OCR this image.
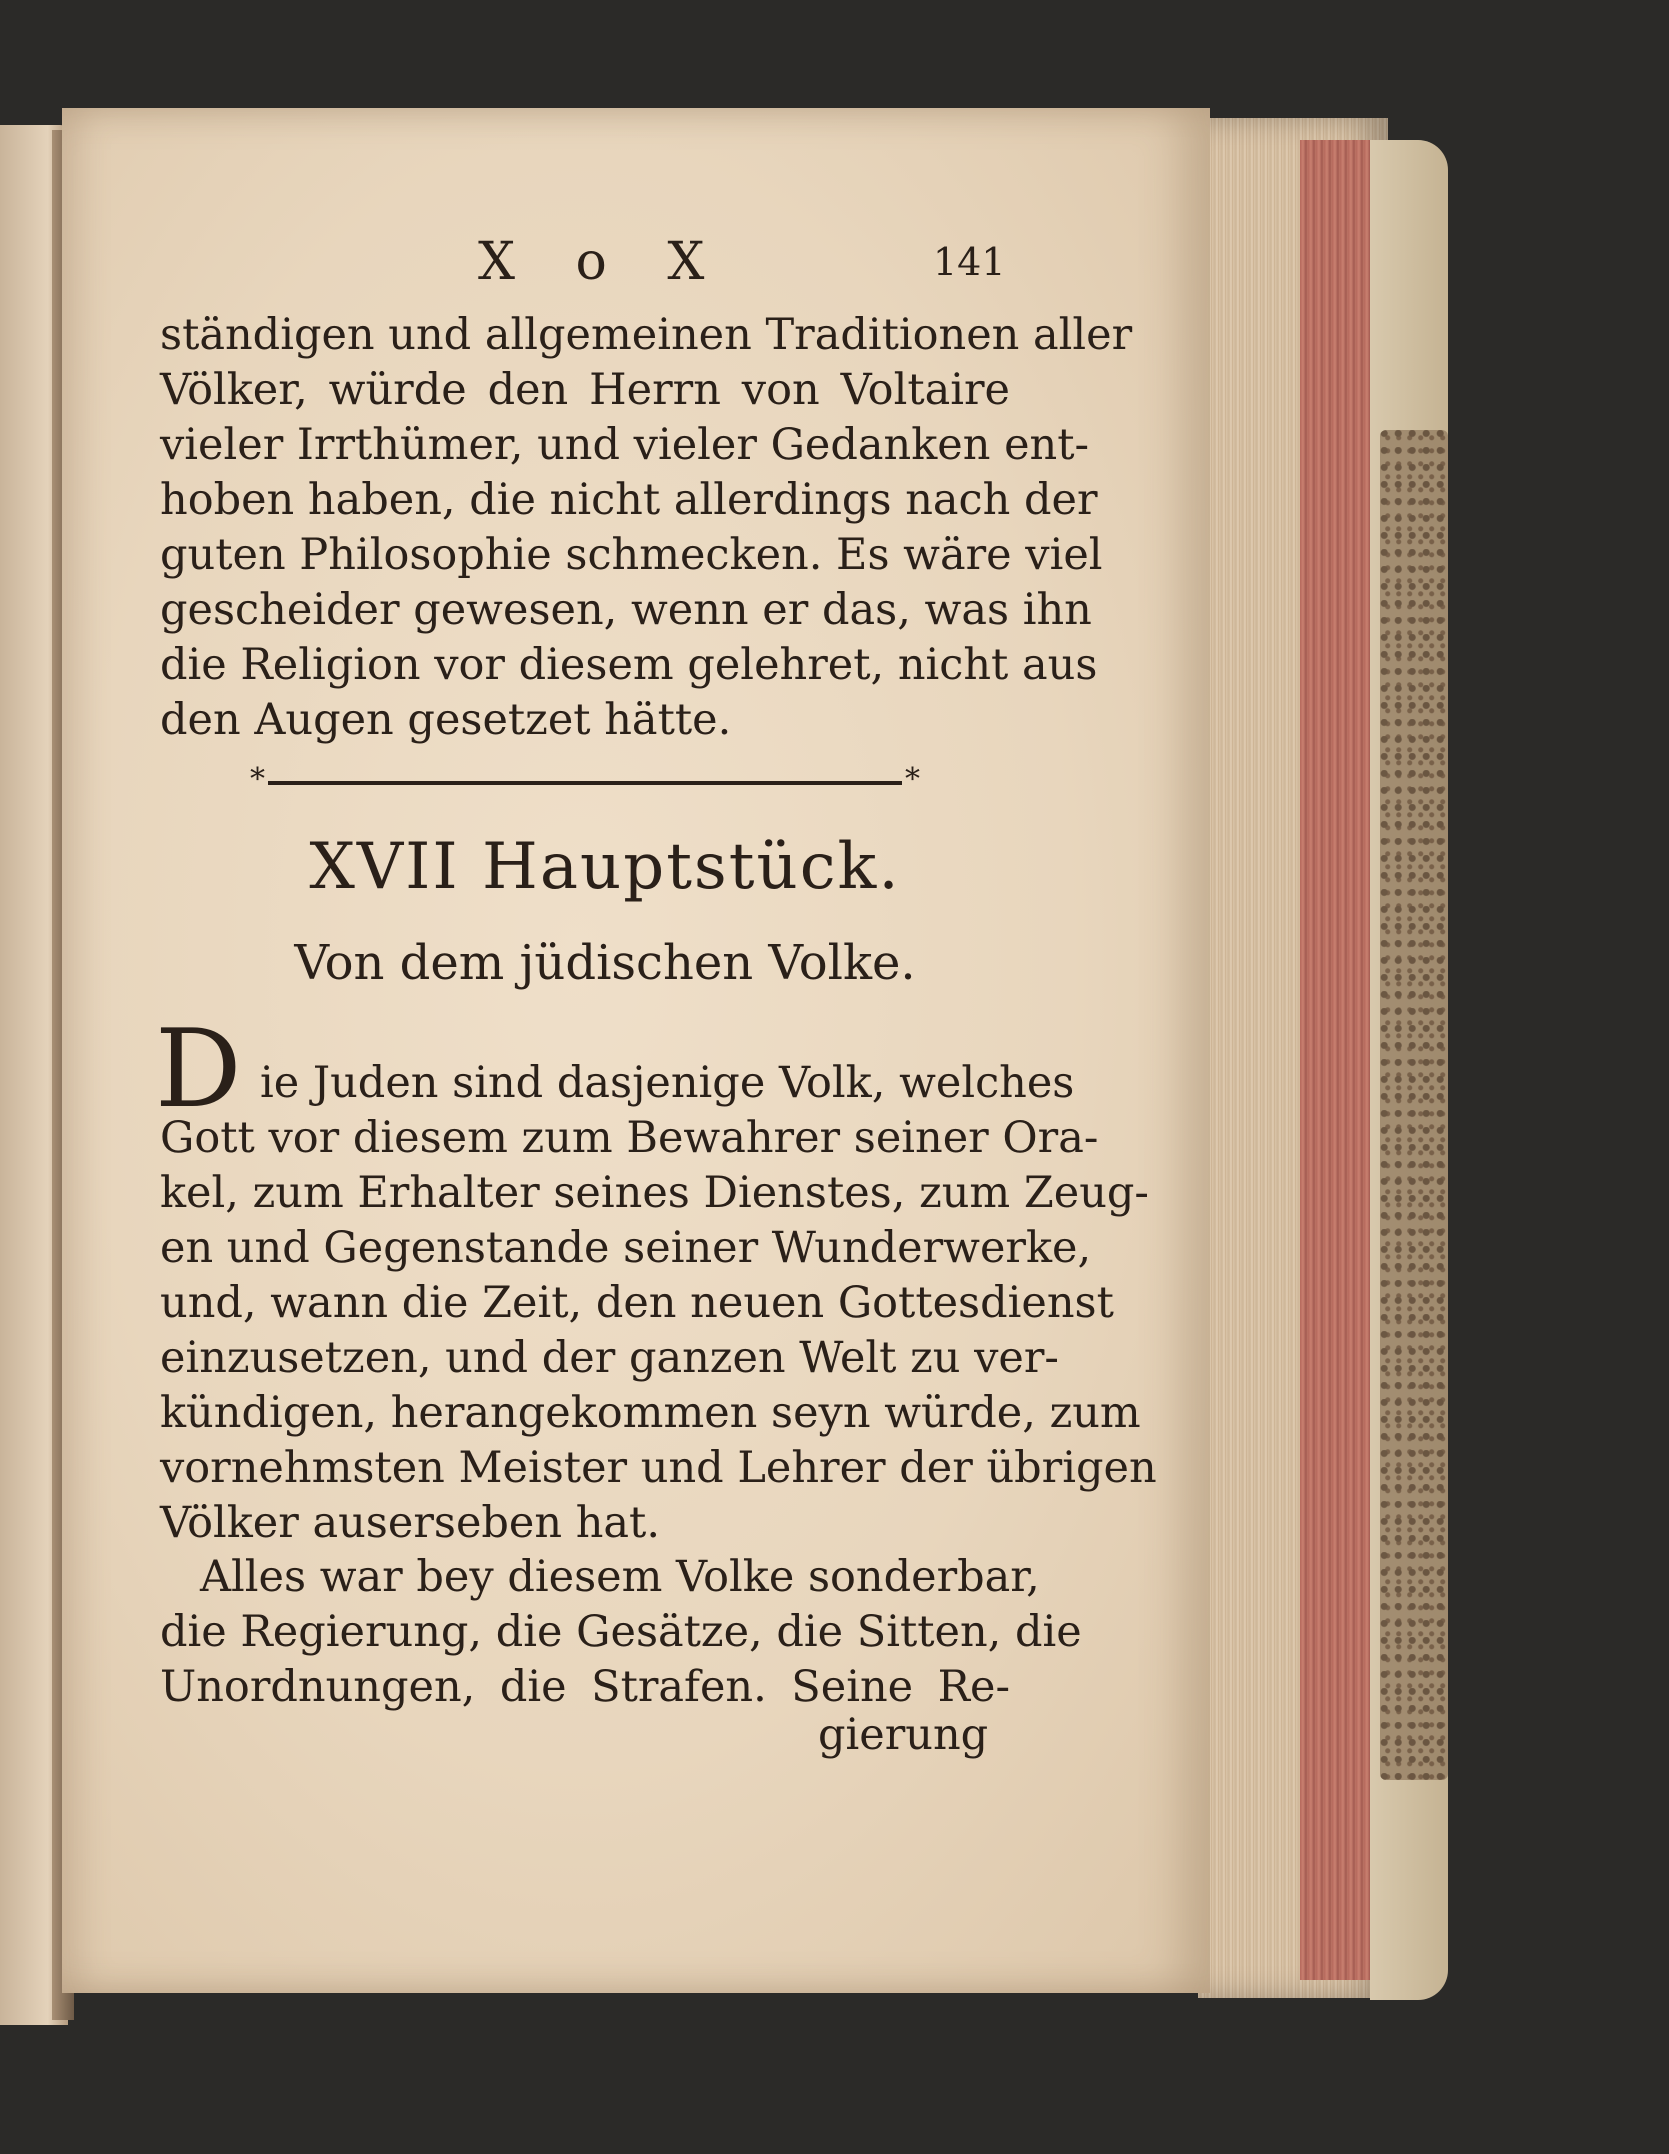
X o X	141
ständigen und allgemeinen Traditionen aller
Völker, würde den Herrn von Voltaire
vieler Irrthümer, und vieler Gedanken ent-
hoben haben, die nicht allerdings nach der
guten Philosophie schmecken. Es wäre viel
gescheider gewesen, wenn er das, was ihn
die Religion vor diesem gelehret, nicht aus
den Augen gesetzet hätte.
*	*
XVII Hauptstück.
Von dem jüdischen Volke.
D ie Juden sind dasjenige Volk, welches
Gott vor diesem zum Bewahrer seiner Ora-
kel, zum Erhalter seines Dienstes, zum Zeug-
en und Gegenstande seiner Wunderwerke,
und, wann die Zeit, den neuen Gottesdienst
einzusetzen, und der ganzen Welt zu ver-
kündigen, herangekommen seyn würde, zum
vornehmsten Meister und Lehrer der übrigen
Völker auserseben hat.
Alles war bey diesem Volke sonderbar,
die Regierung, die Gesätze, die Sitten, die
Unordnungen, die Strafen. Seine Re-
gierung
